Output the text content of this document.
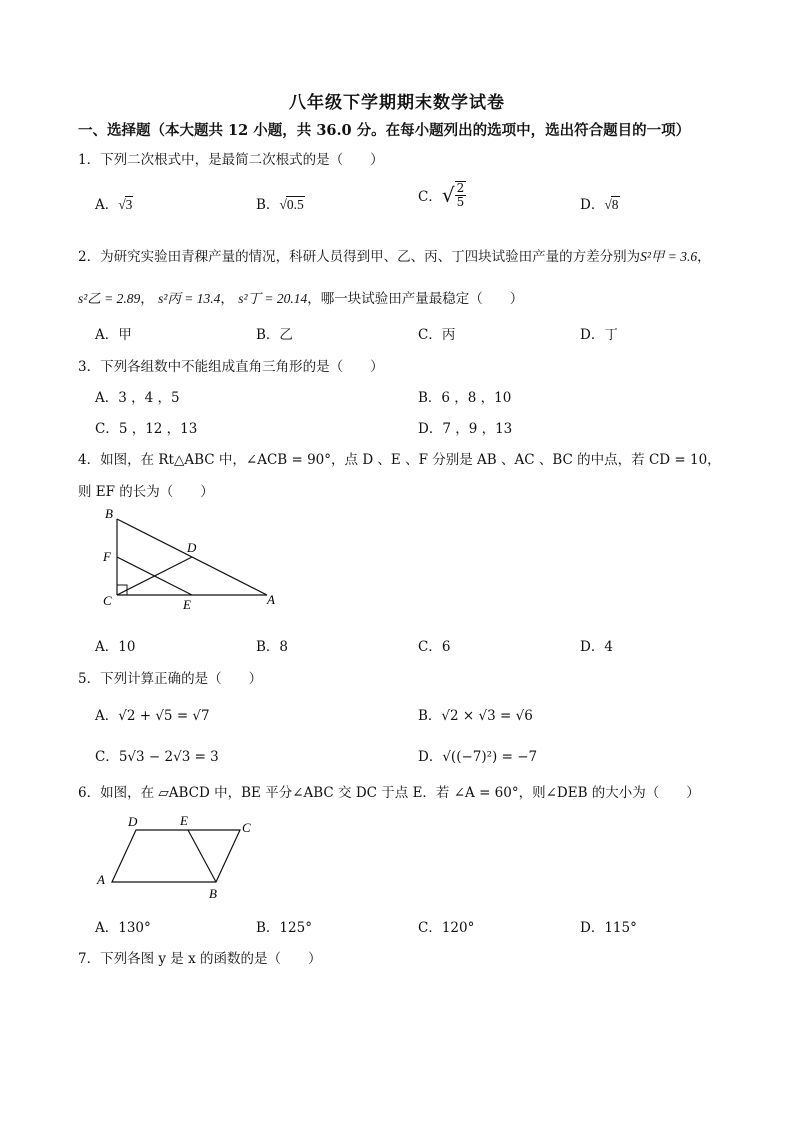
八年级下学期期末数学试卷
一、选择题（本大题共 12 小题，共 36.0 分。在每小题列出的选项中，选出符合题目的一项）
1．下列二次根式中，是最简二次根式的是（　　）
A．√3	B．√0.5	C．√ $\frac{2}{5}$	D．√8
2．为研究实验田青稞产量的情况，科研人员得到甲、乙、丙、丁四块试验田产量的方差分别为S²甲 = 3.6，
s²乙 = 2.89， s²丙 = 13.4， s²丁 = 20.14，哪一块试验田产量最稳定（　　）
A．甲	B．乙	C．丙	D．丁
3．下列各组数中不能组成直角三角形的是（　　）
A．3 ，4 ，5	B．6 ，8 ，10
C．5 ，12 ，13	D．7 ，9 ，13
4．如图，在 Rt△ABC 中，∠ACB = 90°，点 D 、E 、F 分别是 AB 、AC 、BC 的中点，若 CD = 10，
则 EF 的长为（　　）
B
F
D
C	E	A
A．10	B．8	C．6	D．4
5．下列计算正确的是（　　）
A．√2 + √5 = √7	B．√2 × √3 = √6
C．5√3 − 2√3 = 3	D．√((−7)²) = −7
6．如图，在 ▱ABCD 中，BE 平分∠ABC 交 DC 于点 E．若 ∠A = 60°，则∠DEB 的大小为（　　）
D	E	C
A
B
A．130°	B．125°	C．120°	D．115°
7．下列各图 y 是 x 的函数的是（　　）
